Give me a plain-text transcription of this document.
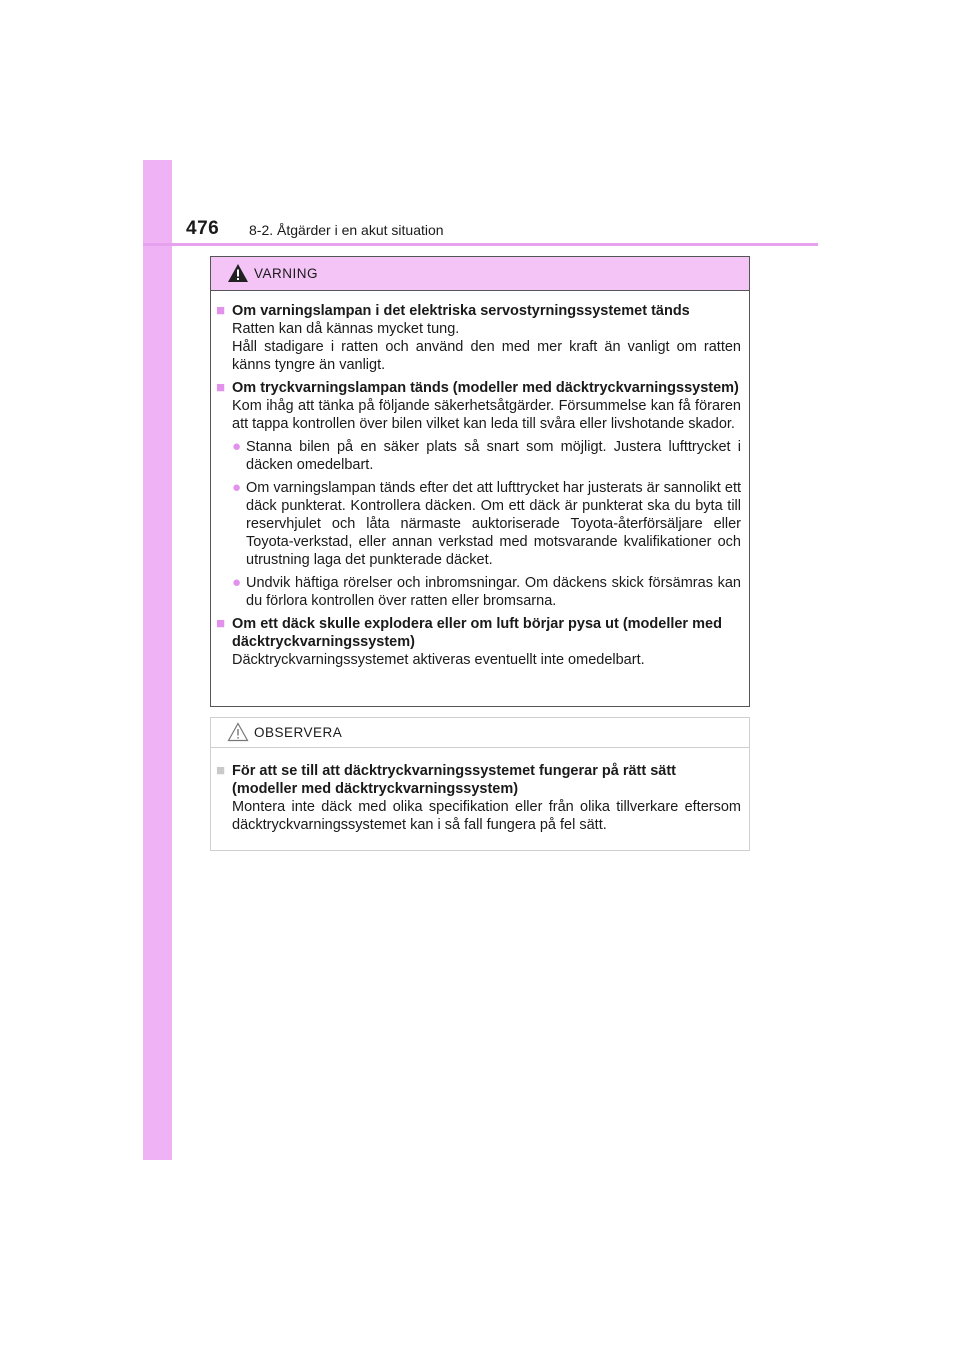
476 8-2. Åtgärder i en akut situation
VARNING
■ Om varningslampan i det elektriska servostyrningssystemet tänds
Ratten kan då kännas mycket tung.
Håll stadigare i ratten och använd den med mer kraft än vanligt om ratten känns tyngre än vanligt.
■ Om tryckvarningslampan tänds (modeller med däcktryckvarningssystem)
Kom ihåg att tänka på följande säkerhetsåtgärder. Försummelse kan få föraren att tappa kontrollen över bilen vilket kan leda till svåra eller livshotande skador.
● Stanna bilen på en säker plats så snart som möjligt. Justera lufttrycket i däcken omedelbart.
● Om varningslampan tänds efter det att lufttrycket har justerats är sannolikt ett däck punkterat. Kontrollera däcken. Om ett däck är punkterat ska du byta till reservhjulet och låta närmaste auktoriserade Toyota-återförsäljare eller Toyota-verkstad, eller annan verkstad med motsvarande kvalifikationer och utrustning laga det punkterade däcket.
● Undvik häftiga rörelser och inbromsningar. Om däckens skick försämras kan du förlora kontrollen över ratten eller bromsarna.
■ Om ett däck skulle explodera eller om luft börjar pysa ut (modeller med däcktryckvarningssystem)
Däcktryckvarningssystemet aktiveras eventuellt inte omedelbart.
OBSERVERA
■ För att se till att däcktryckvarningssystemet fungerar på rätt sätt (modeller med däcktryckvarningssystem)
Montera inte däck med olika specifikation eller från olika tillverkare eftersom däcktryckvarningssystemet kan i så fall fungera på fel sätt.
